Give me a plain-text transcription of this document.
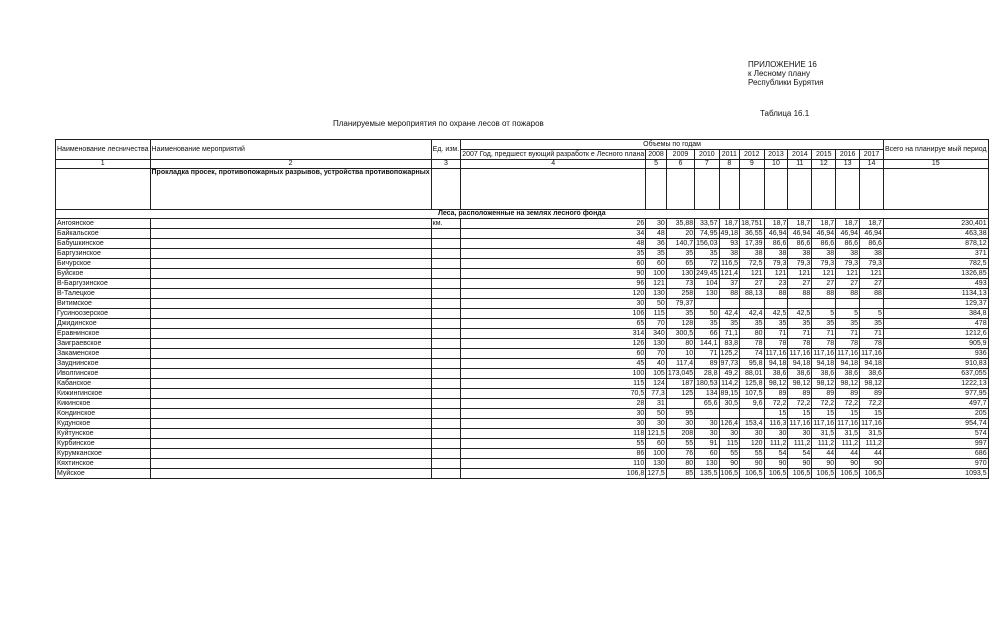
ПРИЛОЖЕНИЕ 16
к Лесному плану
Республики Бурятия
Таблица 16.1
Планируемые мероприятия по охране лесов от пожаров
Наименование лесничества	Наименование мероприятий	Ед. изм.	Объемы по годам											Всего на планируе мый период
			2007 Год, предшест вующий разработк е Лесного плана	2008	2009	2010	2011	2012	2013	2014	2015	2016	2017	
1	2	3	4	5	6	7	8	9	10	11	12	13	14	15
	Прокладка просек, противопожарных разрывов, устройства противопожарных													
Леса, расположенные на землях лесного фонда														
Ангоянское		км.	26	30	35,88	33,57	18,7	18,751	18,7	18,7	18,7	18,7	18,7	230,401
Байкальское			34	48	20	74,95	49,18	36,55	46,94	46,94	46,94	46,94	46,94	463,38
Бабушкинское			48	36	140,7	156,03	93	17,39	86,6	86,6	86,6	86,6	86,6	878,12
Баргузинское			35	35	35	35	38	38	38	38	38	38	38	371
Бичурское			60	60	65	72	116,5	72,5	79,3	79,3	79,3	79,3	79,3	782,5
Буйское			90	100	130	249,45	121,4	121	121	121	121	121	121	1326,85
В-Баргузинское			96	121	73	104	37	27	23	27	27	27	27	493
В-Талецкое			120	130	258	130	88	88,13	88	88	88	88	88	1134,13
Витимское			30	50	79,37									129,37
Гусиноозерское			106	115	35	50	42,4	42,4	42,5	42,5	5	5	5	384,8
Джидинское			65	70	128	35	35	35	35	35	35	35	35	478
Еравнинское			314	340	300,5	66	71,1	80	71	71	71	71	71	1212,6
Заиграевское			126	130	80	144,1	83,8	78	78	78	78	78	78	905,9
Закаменское			60	70	10	71	125,2	74	117,16	117,16	117,16	117,16	117,16	936
Зауднинское			45	40	117,4	89	97,73	95,8	94,18	94,18	94,18	94,18	94,18	910,83
Иволгинское			100	105	173,045	28,8	49,2	88,01	38,6	38,6	38,6	38,6	38,6	637,055
Кабанское			115	124	187	180,53	114,2	125,8	98,12	98,12	98,12	98,12	98,12	1222,13
Кижингинское			70,5	77,3	125	134	89,15	107,5	89	89	89	89	89	977,95
Кикинское			28	31		65,6	30,5	9,6	72,2	72,2	72,2	72,2	72,2	497,7
Кондинское			30	50	95				15	15	15	15	15	205
Кудунское			30	30	30	30	126,4	153,4	116,3	117,16	117,16	117,16	117,16	954,74
Куйтунское			118	121,5	208	30	30	30	30	30	31,5	31,5	31,5	574
Курбинское			55	60	55	91	115	120	111,2	111,2	111,2	111,2	111,2	997
Курумканское			86	100	76	60	55	55	54	54	44	44	44	686
Кяхтинское			110	130	80	130	90	90	90	90	90	90	90	970
Муйское			106,8	127,5	85	135,5	106,5	106,5	106,5	106,5	106,5	106,5	106,5	1093,5
